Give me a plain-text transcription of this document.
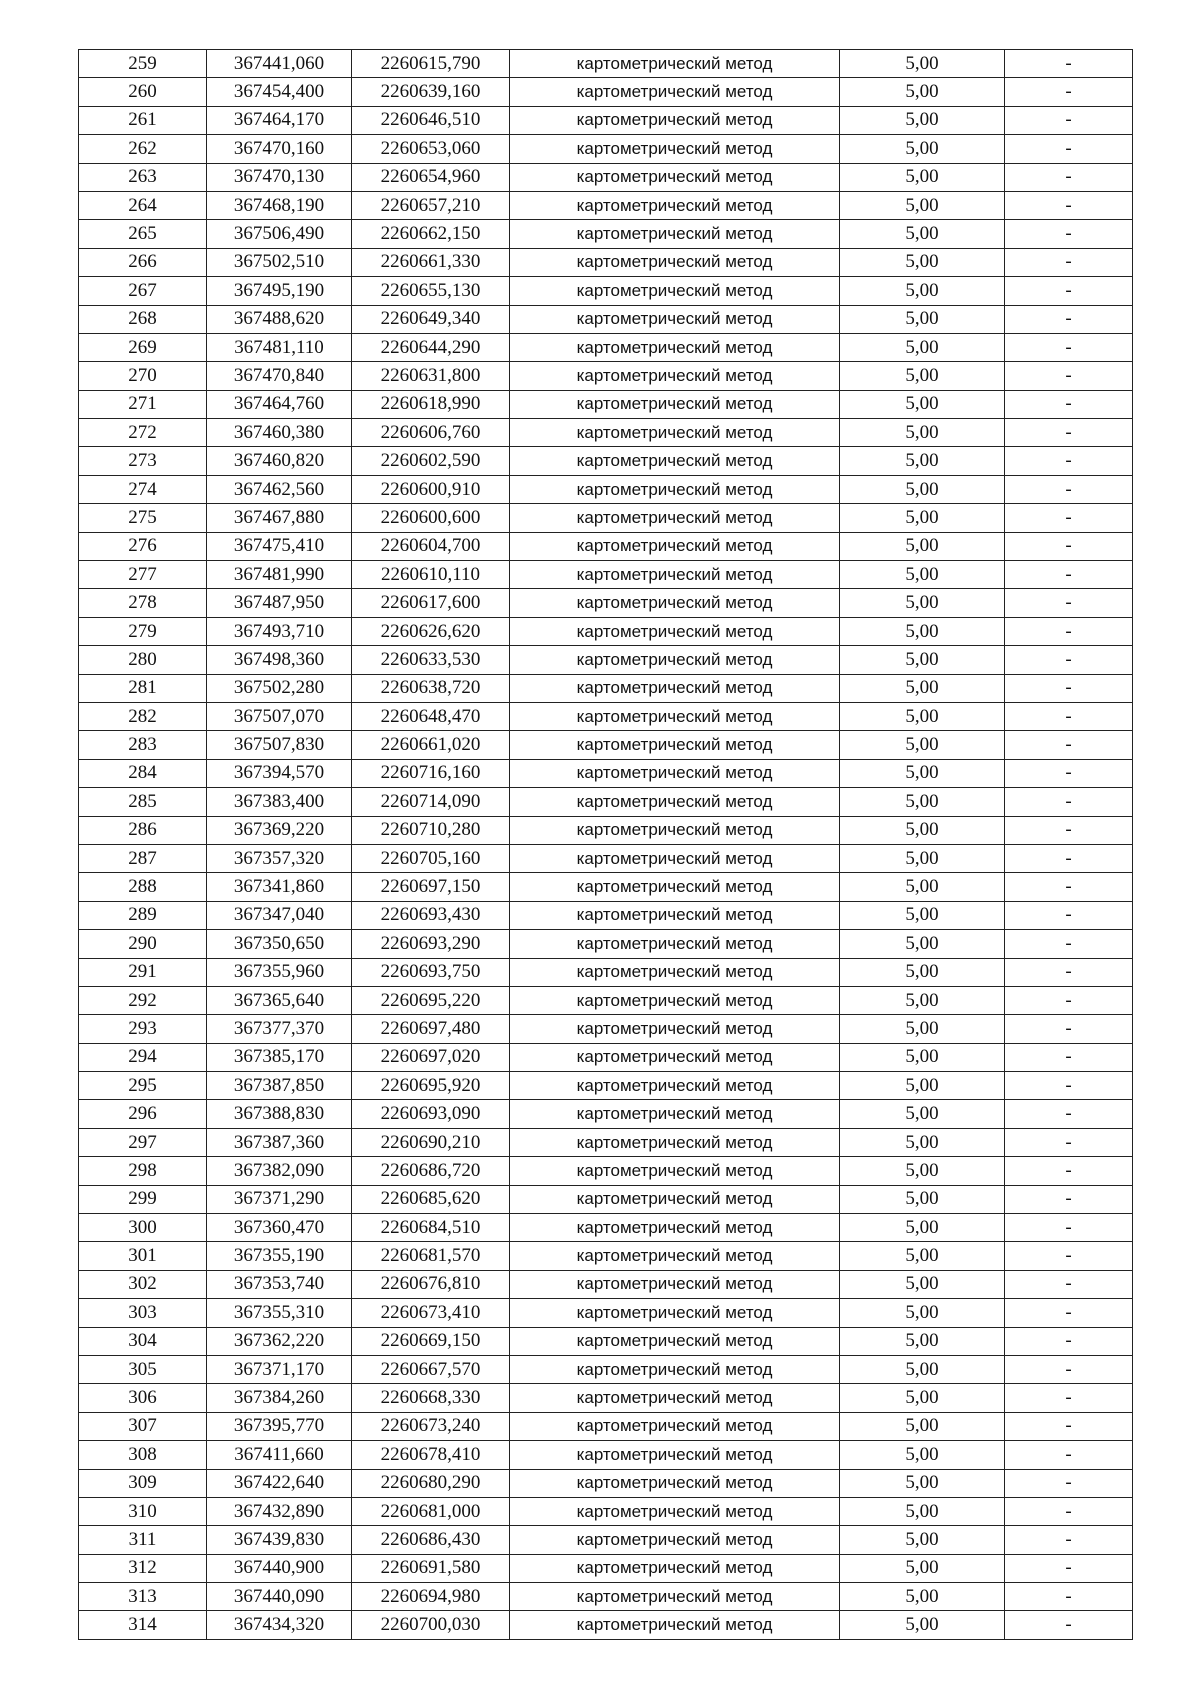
259	367441,060	2260615,790	картометрический метод	5,00	-
260	367454,400	2260639,160	картометрический метод	5,00	-
261	367464,170	2260646,510	картометрический метод	5,00	-
262	367470,160	2260653,060	картометрический метод	5,00	-
263	367470,130	2260654,960	картометрический метод	5,00	-
264	367468,190	2260657,210	картометрический метод	5,00	-
265	367506,490	2260662,150	картометрический метод	5,00	-
266	367502,510	2260661,330	картометрический метод	5,00	-
267	367495,190	2260655,130	картометрический метод	5,00	-
268	367488,620	2260649,340	картометрический метод	5,00	-
269	367481,110	2260644,290	картометрический метод	5,00	-
270	367470,840	2260631,800	картометрический метод	5,00	-
271	367464,760	2260618,990	картометрический метод	5,00	-
272	367460,380	2260606,760	картометрический метод	5,00	-
273	367460,820	2260602,590	картометрический метод	5,00	-
274	367462,560	2260600,910	картометрический метод	5,00	-
275	367467,880	2260600,600	картометрический метод	5,00	-
276	367475,410	2260604,700	картометрический метод	5,00	-
277	367481,990	2260610,110	картометрический метод	5,00	-
278	367487,950	2260617,600	картометрический метод	5,00	-
279	367493,710	2260626,620	картометрический метод	5,00	-
280	367498,360	2260633,530	картометрический метод	5,00	-
281	367502,280	2260638,720	картометрический метод	5,00	-
282	367507,070	2260648,470	картометрический метод	5,00	-
283	367507,830	2260661,020	картометрический метод	5,00	-
284	367394,570	2260716,160	картометрический метод	5,00	-
285	367383,400	2260714,090	картометрический метод	5,00	-
286	367369,220	2260710,280	картометрический метод	5,00	-
287	367357,320	2260705,160	картометрический метод	5,00	-
288	367341,860	2260697,150	картометрический метод	5,00	-
289	367347,040	2260693,430	картометрический метод	5,00	-
290	367350,650	2260693,290	картометрический метод	5,00	-
291	367355,960	2260693,750	картометрический метод	5,00	-
292	367365,640	2260695,220	картометрический метод	5,00	-
293	367377,370	2260697,480	картометрический метод	5,00	-
294	367385,170	2260697,020	картометрический метод	5,00	-
295	367387,850	2260695,920	картометрический метод	5,00	-
296	367388,830	2260693,090	картометрический метод	5,00	-
297	367387,360	2260690,210	картометрический метод	5,00	-
298	367382,090	2260686,720	картометрический метод	5,00	-
299	367371,290	2260685,620	картометрический метод	5,00	-
300	367360,470	2260684,510	картометрический метод	5,00	-
301	367355,190	2260681,570	картометрический метод	5,00	-
302	367353,740	2260676,810	картометрический метод	5,00	-
303	367355,310	2260673,410	картометрический метод	5,00	-
304	367362,220	2260669,150	картометрический метод	5,00	-
305	367371,170	2260667,570	картометрический метод	5,00	-
306	367384,260	2260668,330	картометрический метод	5,00	-
307	367395,770	2260673,240	картометрический метод	5,00	-
308	367411,660	2260678,410	картометрический метод	5,00	-
309	367422,640	2260680,290	картометрический метод	5,00	-
310	367432,890	2260681,000	картометрический метод	5,00	-
311	367439,830	2260686,430	картометрический метод	5,00	-
312	367440,900	2260691,580	картометрический метод	5,00	-
313	367440,090	2260694,980	картометрический метод	5,00	-
314	367434,320	2260700,030	картометрический метод	5,00	-
